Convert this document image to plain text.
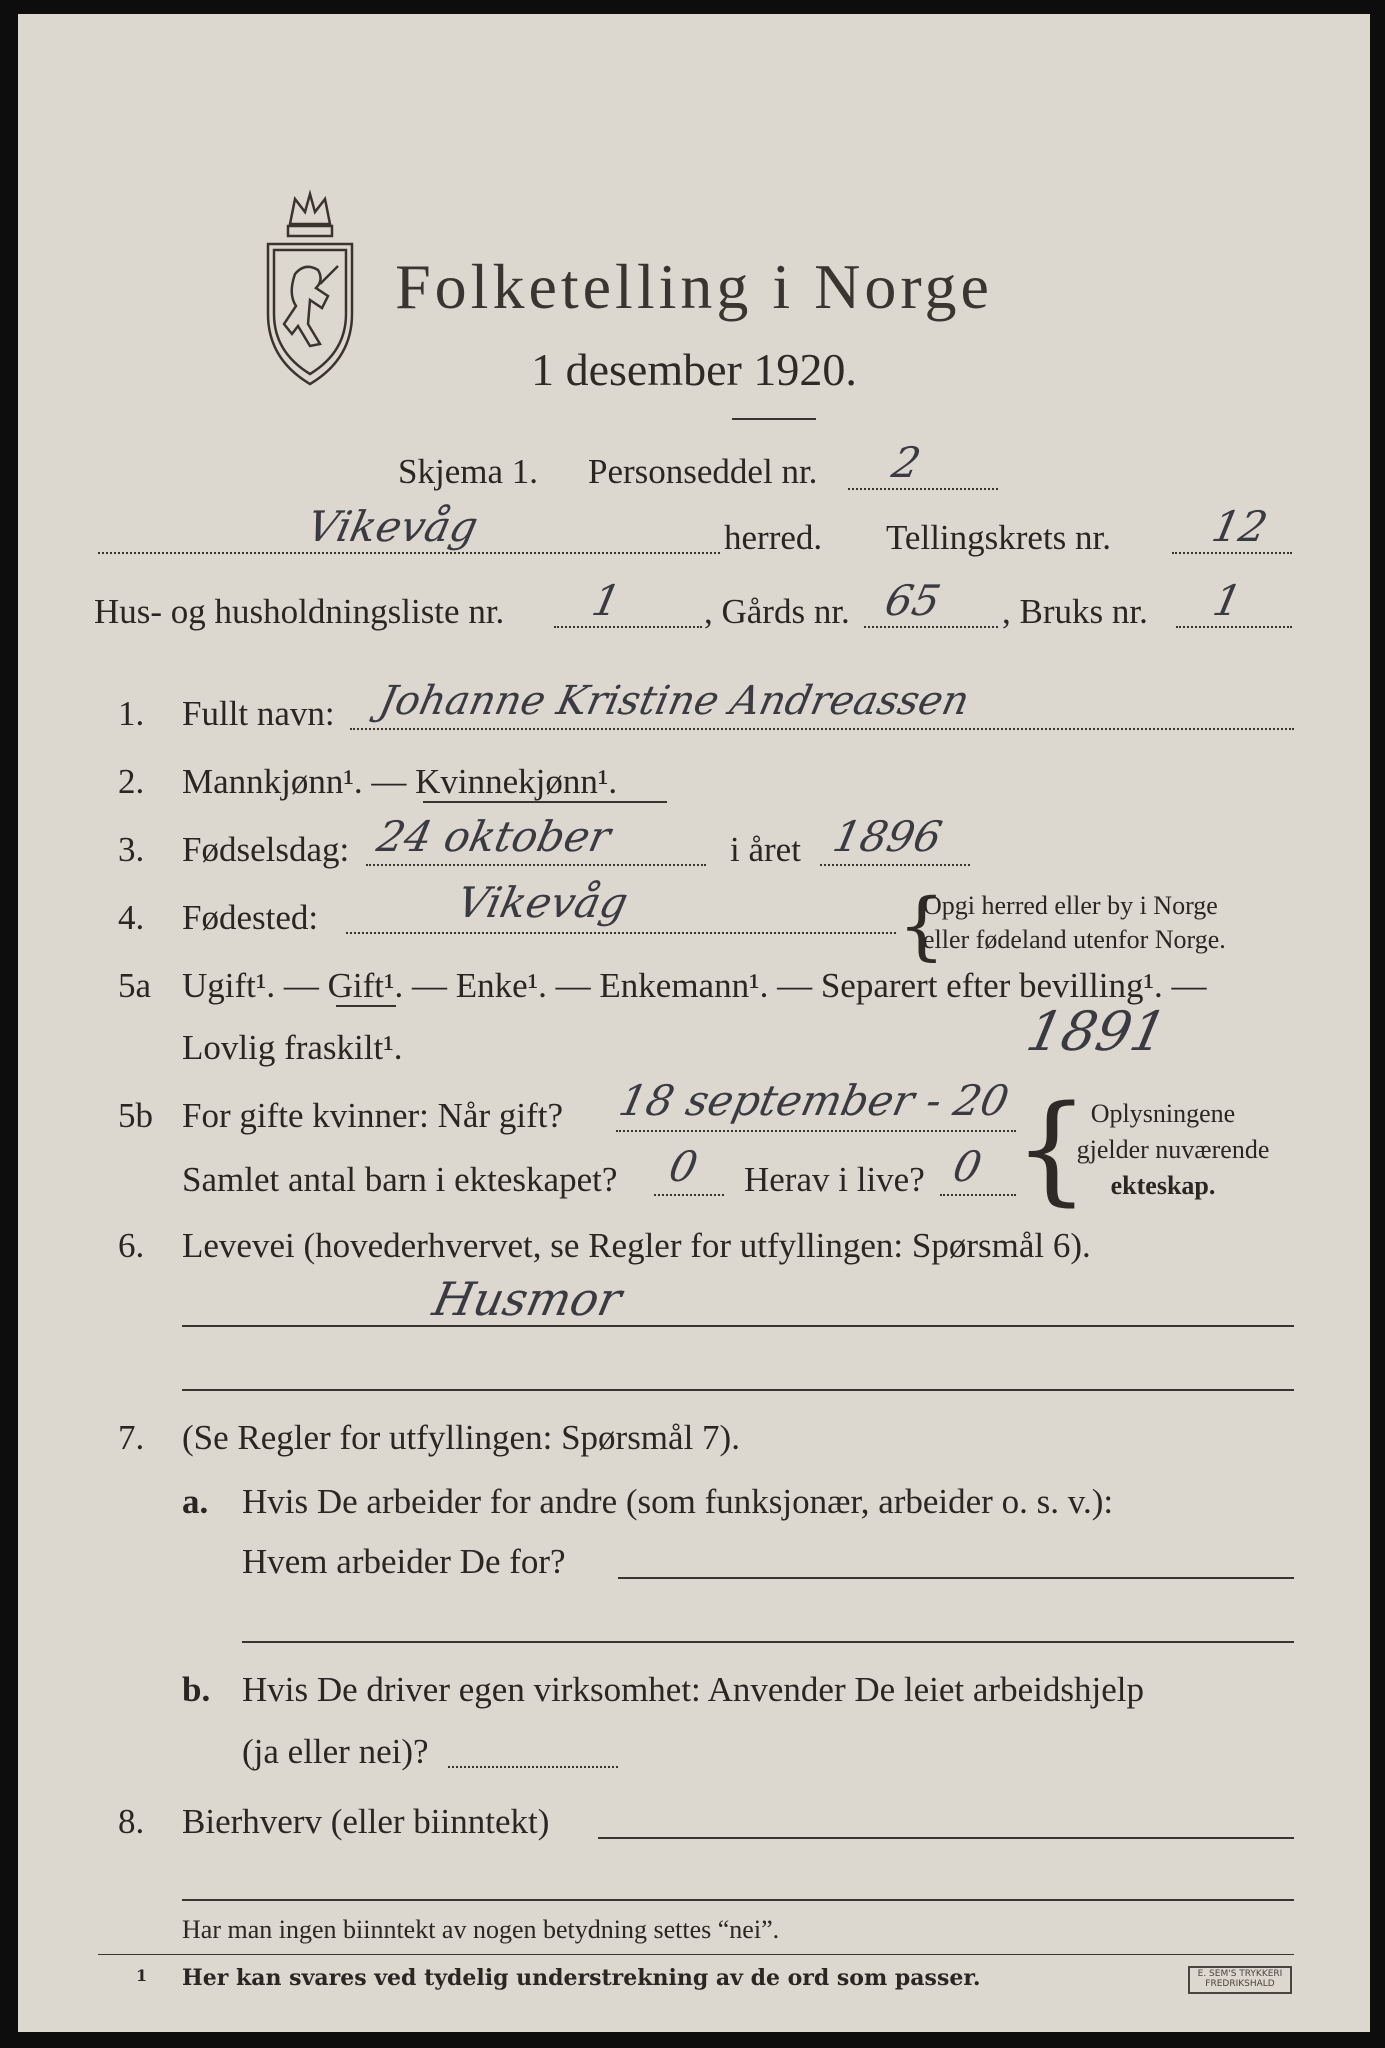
Folketelling i Norge
1 desember 1920.
Skjema 1. Personseddel nr. 2
Vikevåg	herred. Tellingskrets nr. 12
Hus- og husholdningsliste nr. 1 , Gårds nr. 65 , Bruks nr. 1
1. Fullt navn: Johanne Kristine Andreassen
2. Mannkjønn¹. — Kvinnekjønn¹.
3. Fødselsdag: 24 oktober	i året 1896
4. Fødested:	Vikevåg	{
Opgi herred eller by i Norge
eller fødeland utenfor Norge.
5a Ugift¹. — Gift¹. — Enke¹. — Enkemann¹. — Separert efter bevilling¹. —
Lovlig fraskilt¹.	1891
5b For gifte kvinner: Når gift? 18 september - 20
Samlet antal barn i ekteskapet? 0 Herav i live? 0 { Oplysningene
gjelder nuværende
ekteskap.
6. Levevei (hovederhvervet, se Regler for utfyllingen: Spørsmål 6).
Husmor
7. (Se Regler for utfyllingen: Spørsmål 7).
a. Hvis De arbeider for andre (som funksjonær, arbeider o. s. v.):
Hvem arbeider De for?
b. Hvis De driver egen virksomhet: Anvender De leiet arbeidshjelp
(ja eller nei)?
8. Bierhverv (eller biinntekt)
Har man ingen biinntekt av nogen betydning settes “nei”.
1 Her kan svares ved tydelig understrekning av de ord som passer.	E. SEM'S TRYKKERI
FREDRIKSHALD
